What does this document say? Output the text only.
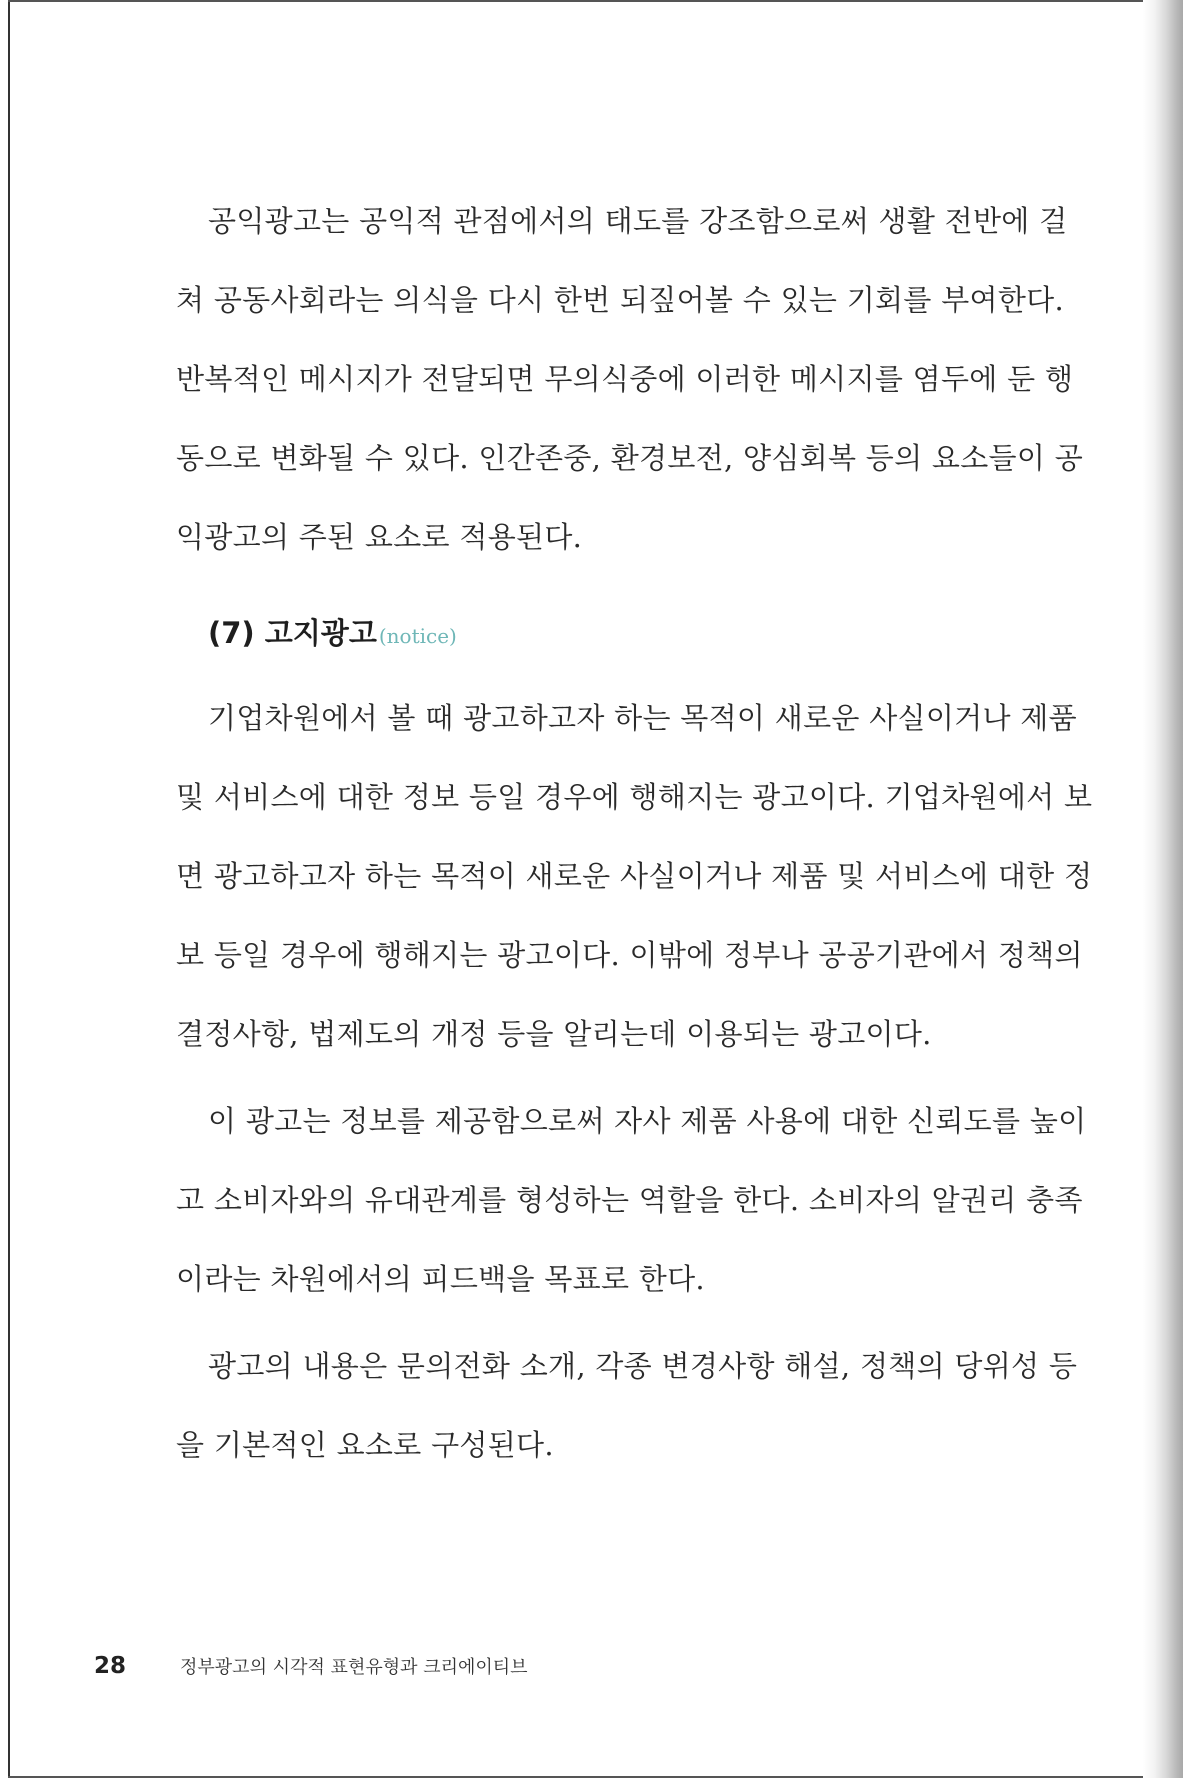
공익광고는 공익적 관점에서의 태도를 강조함으로써 생활 전반에 걸
쳐 공동사회라는 의식을 다시 한번 되짚어볼 수 있는 기회를 부여한다.
반복적인 메시지가 전달되면 무의식중에 이러한 메시지를 염두에 둔 행
동으로 변화될 수 있다. 인간존중, 환경보전, 양심회복 등의 요소들이 공
익광고의 주된 요소로 적용된다.
(7) 고지광고 (notice)
기업차원에서 볼 때 광고하고자 하는 목적이 새로운 사실이거나 제품
및 서비스에 대한 정보 등일 경우에 행해지는 광고이다. 기업차원에서 보
면 광고하고자 하는 목적이 새로운 사실이거나 제품 및 서비스에 대한 정
보 등일 경우에 행해지는 광고이다. 이밖에 정부나 공공기관에서 정책의
결정사항, 법제도의 개정 등을 알리는데 이용되는 광고이다.
이 광고는 정보를 제공함으로써 자사 제품 사용에 대한 신뢰도를 높이
고 소비자와의 유대관계를 형성하는 역할을 한다. 소비자의 알권리 충족
이라는 차원에서의 피드백을 목표로 한다.
광고의 내용은 문의전화 소개, 각종 변경사항 해설, 정책의 당위성 등
을 기본적인 요소로 구성된다.
28	정부광고의 시각적 표현유형과 크리에이티브
